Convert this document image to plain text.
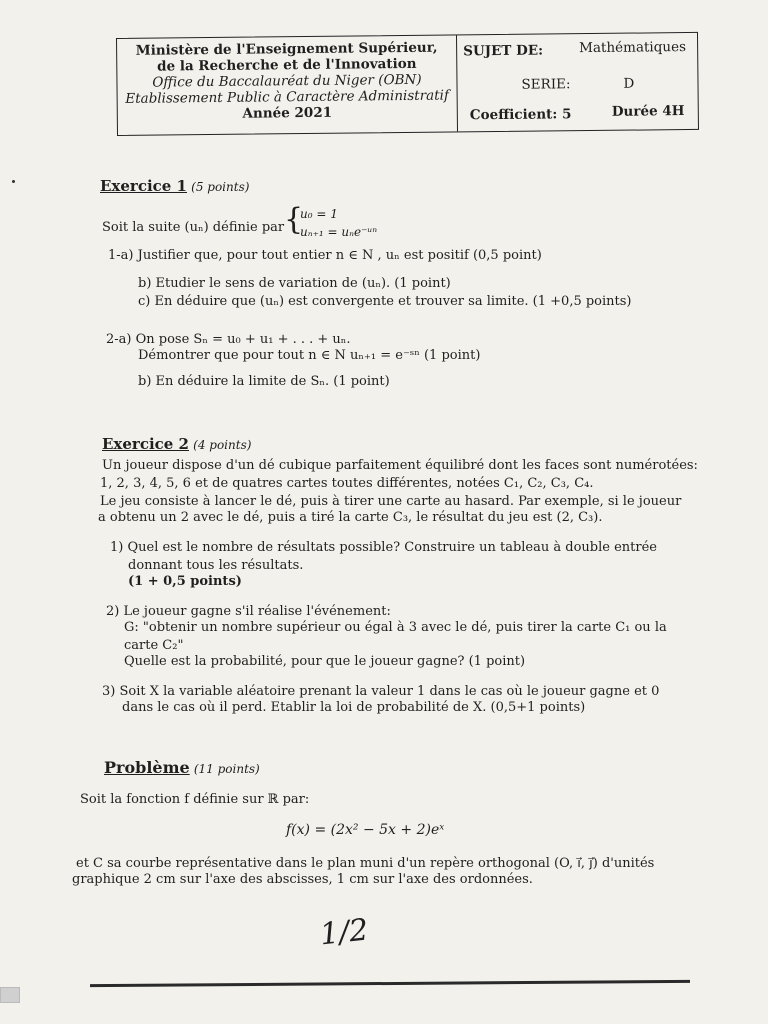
Ministère de l'Enseignement Supérieur,
de la Recherche et de l'Innovation
Office du Baccalauréat du Niger (OBN)
Etablissement Public à Caractère Administratif
Année 2021
SUJET DE:	Mathématiques
SERIE:	D
Coefficient: 5	Durée 4H
Exercice 1 (5 points)
Soit la suite (uₙ) définie par {
u₀ = 1
uₙ₊₁ = uₙe⁻ᵘⁿ
1-a) Justifier que, pour tout entier n ∈ N , uₙ est positif (0,5 point)
b) Etudier le sens de variation de (uₙ). (1 point)
c) En déduire que (uₙ) est convergente et trouver sa limite. (1 +0,5 points)
2-a) On pose Sₙ = u₀ + u₁ + . . . + uₙ.
Démontrer que pour tout n ∈ N uₙ₊₁ = e⁻ˢⁿ (1 point)
b) En déduire la limite de Sₙ. (1 point)
Exercice 2 (4 points)
Un joueur dispose d'un dé cubique parfaitement équilibré dont les faces sont numérotées:
1, 2, 3, 4, 5, 6 et de quatres cartes toutes différentes, notées C₁, C₂, C₃, C₄.
Le jeu consiste à lancer le dé, puis à tirer une carte au hasard. Par exemple, si le joueur
a obtenu un 2 avec le dé, puis a tiré la carte C₃, le résultat du jeu est (2, C₃).
1) Quel est le nombre de résultats possible? Construire un tableau à double entrée
donnant tous les résultats.
(1 + 0,5 points)
2) Le joueur gagne s'il réalise l'événement:
G: "obtenir un nombre supérieur ou égal à 3 avec le dé, puis tirer la carte C₁ ou la
carte C₂"
Quelle est la probabilité, pour que le joueur gagne? (1 point)
3) Soit X la variable aléatoire prenant la valeur 1 dans le cas où le joueur gagne et 0
dans le cas où il perd. Etablir la loi de probabilité de X. (0,5+1 points)
Problème (11 points)
Soit la fonction f définie sur ℝ par:
f(x) = (2x² − 5x + 2)eˣ
et C sa courbe représentative dans le plan muni d'un repère orthogonal (O, i⃗, j⃗) d'unités
graphique 2 cm sur l'axe des abscisses, 1 cm sur l'axe des ordonnées.
1/2
